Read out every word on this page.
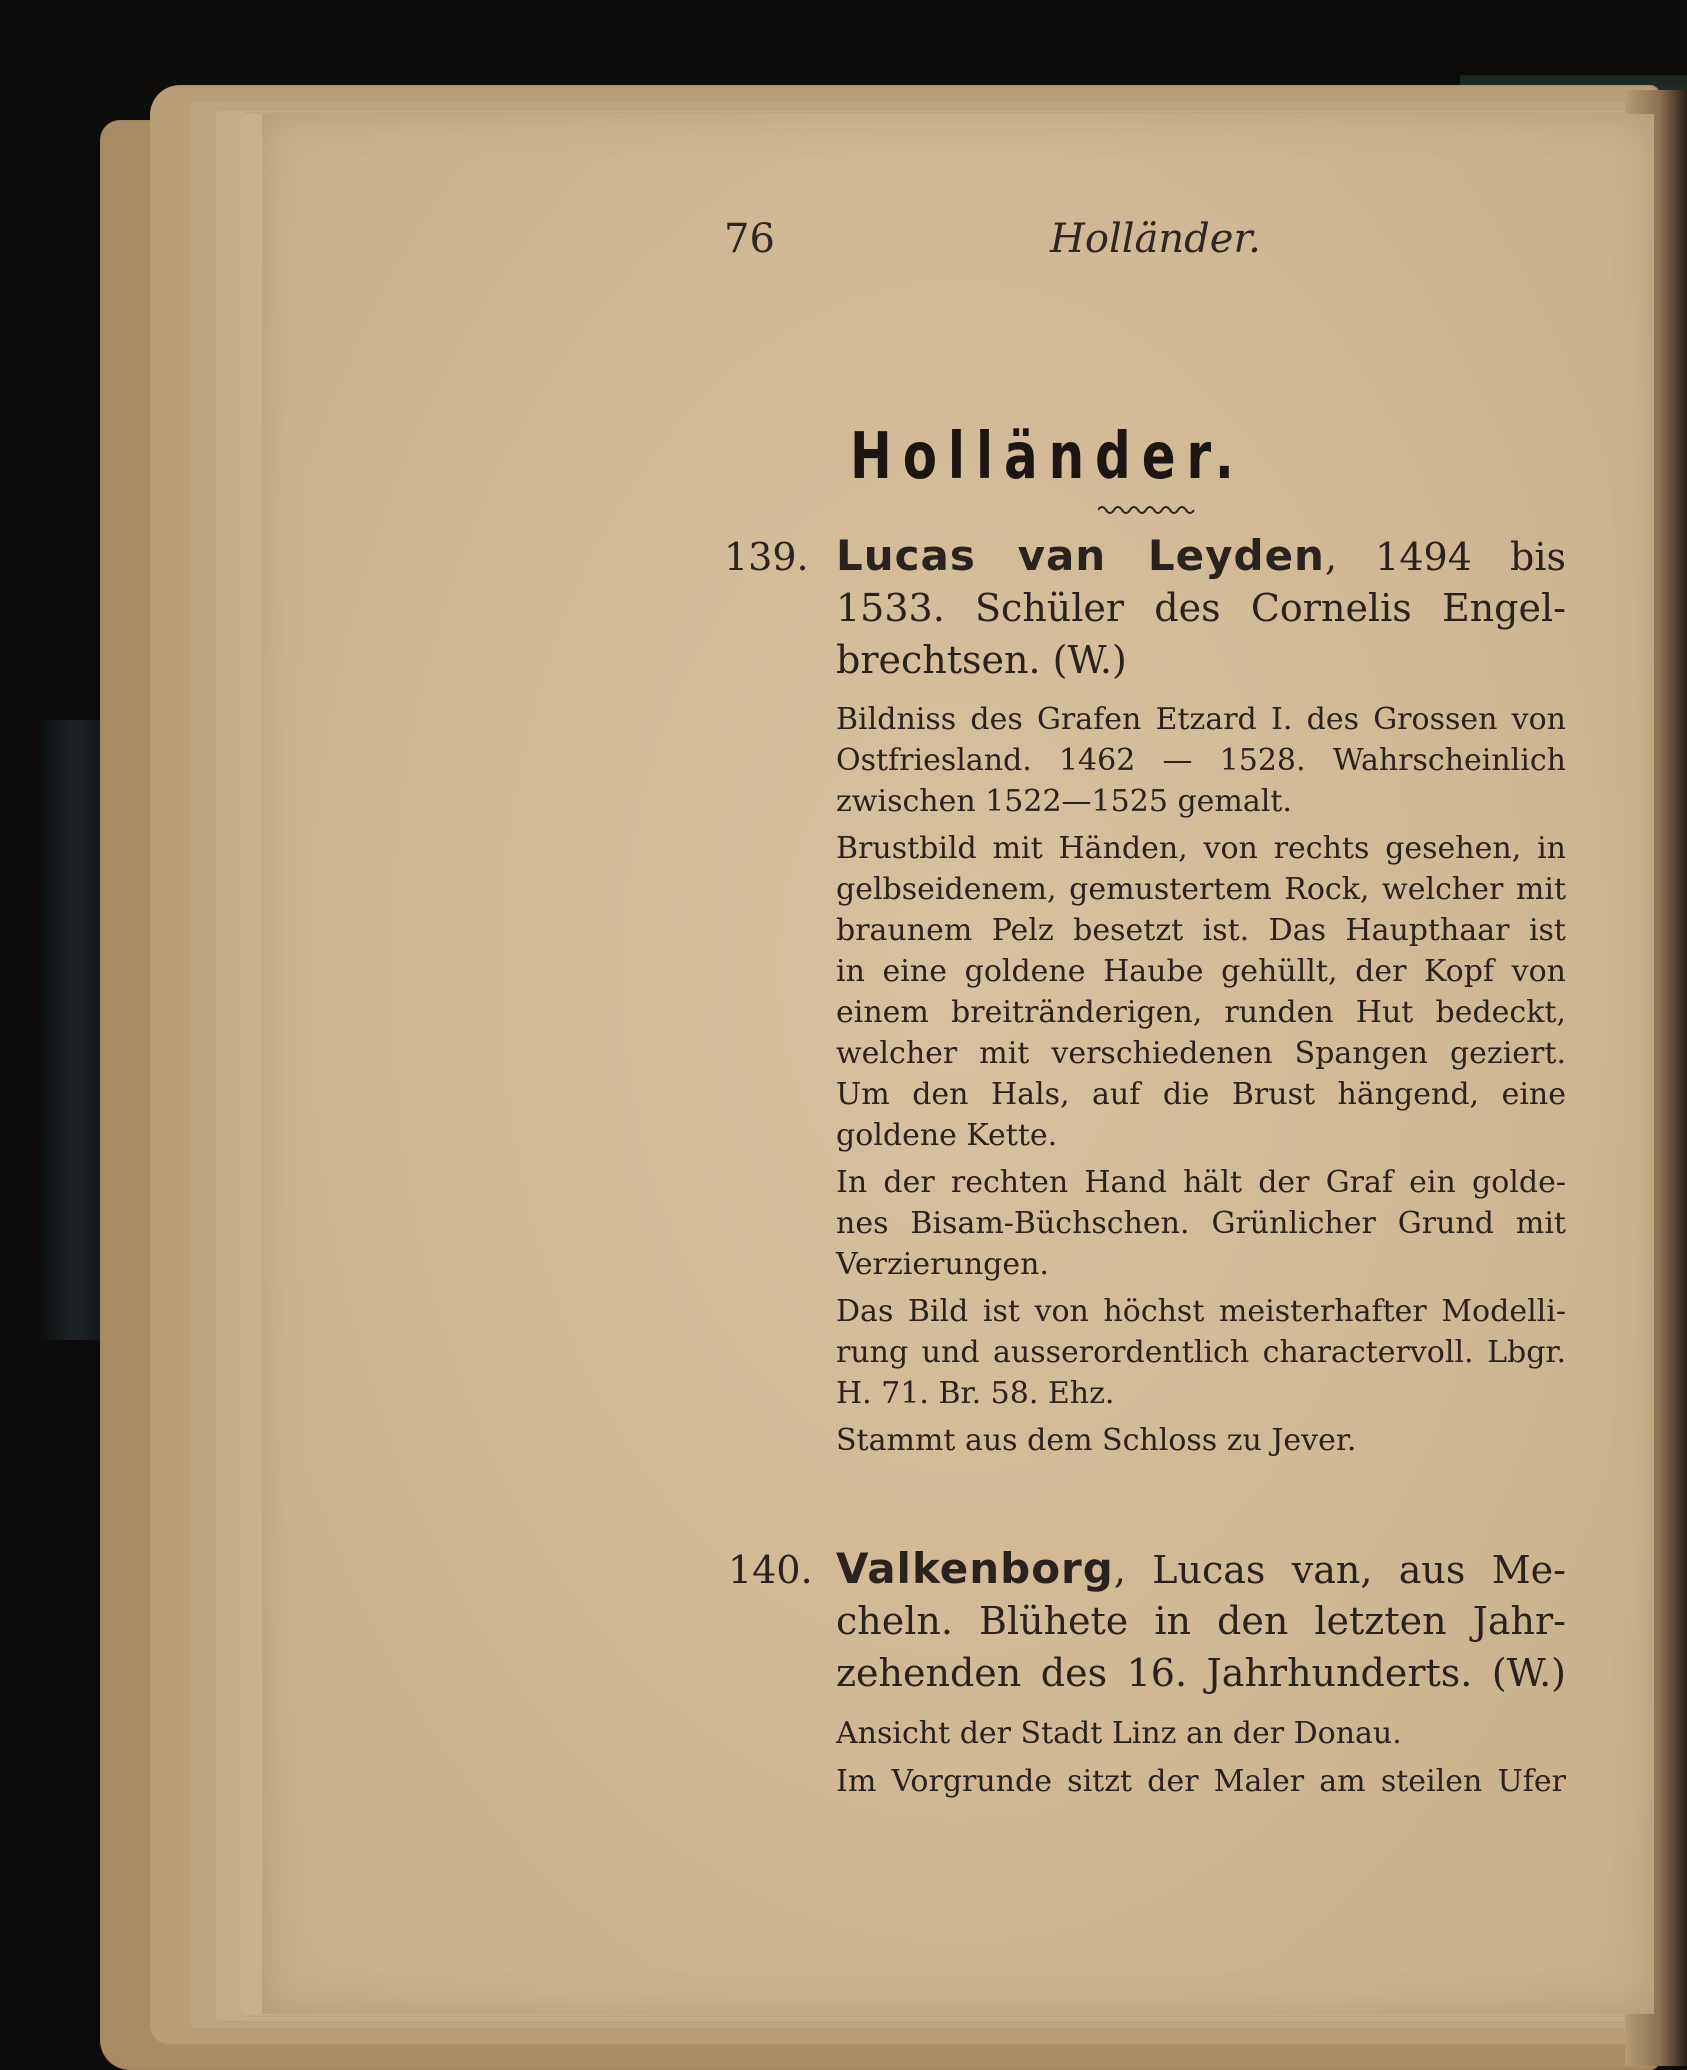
76	Holländer.
Holländer.
139. Lucas van Leyden, 1494 bis
1533. Schüler des Cornelis Engel-
brechtsen. (W.)
Bildniss des Grafen Etzard I. des Grossen von
Ostfriesland. 1462 — 1528. Wahrscheinlich
zwischen 1522—1525 gemalt.
Brustbild mit Händen, von rechts gesehen, in
gelbseidenem, gemustertem Rock, welcher mit
braunem Pelz besetzt ist. Das Haupthaar ist
in eine goldene Haube gehüllt, der Kopf von
einem breitränderigen, runden Hut bedeckt,
welcher mit verschiedenen Spangen geziert.
Um den Hals, auf die Brust hängend, eine
goldene Kette.
In der rechten Hand hält der Graf ein golde-
nes Bisam-Büchschen. Grünlicher Grund mit
Verzierungen.
Das Bild ist von höchst meisterhafter Modelli-
rung und ausserordentlich charactervoll. Lbgr.
H. 71. Br. 58. Ehz.
Stammt aus dem Schloss zu Jever.
140. Valkenborg, Lucas van, aus Me-
cheln. Blühete in den letzten Jahr-
zehenden des 16. Jahrhunderts. (W.)
Ansicht der Stadt Linz an der Donau.
Im Vorgrunde sitzt der Maler am steilen Ufer
